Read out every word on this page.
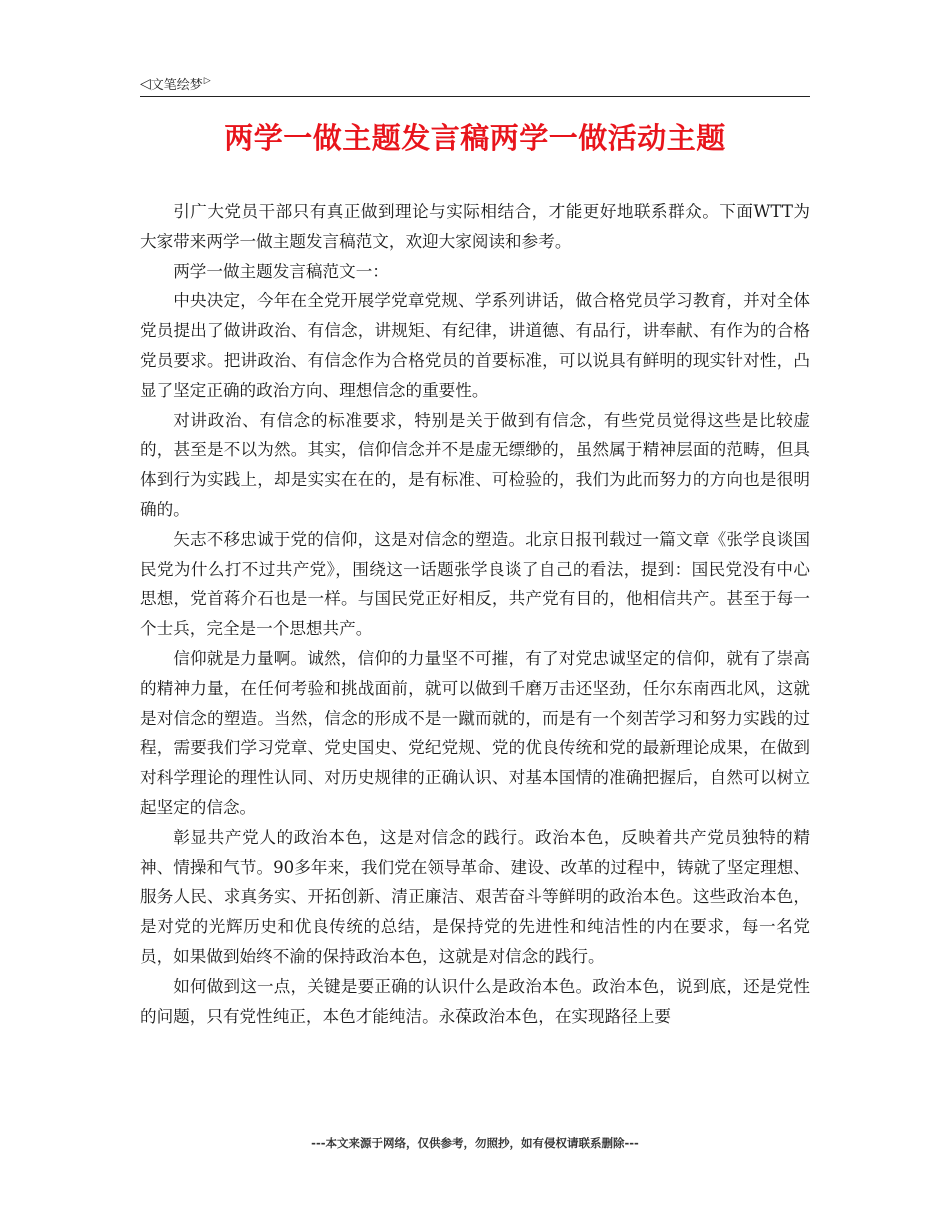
◁ 文笔绘梦 ▷
两学一做主题发言稿两学一做活动主题

引广大党员干部只有真正做到理论与实际相结合，才能更好地联系群众。下面WTT为大家带来两学一做主题发言稿范文，欢迎大家阅读和参考。

两学一做主题发言稿范文一：

中央决定，今年在全党开展学党章党规、学系列讲话，做合格党员学习教育，并对全体党员提出了做讲政治、有信念，讲规矩、有纪律，讲道德、有品行，讲奉献、有作为的合格党员要求。把讲政治、有信念作为合格党员的首要标准，可以说具有鲜明的现实针对性，凸显了坚定正确的政治方向、理想信念的重要性。

对讲政治、有信念的标准要求，特别是关于做到有信念，有些党员觉得这些是比较虚的，甚至是不以为然。其实，信仰信念并不是虚无缥缈的，虽然属于精神层面的范畴，但具体到行为实践上，却是实实在在的，是有标准、可检验的，我们为此而努力的方向也是很明确的。

矢志不移忠诚于党的信仰，这是对信念的塑造。北京日报刊载过一篇文章《张学良谈国民党为什么打不过共产党》，围绕这一话题张学良谈了自己的看法，提到：国民党没有中心思想，党首蒋介石也是一样。与国民党正好相反，共产党有目的，他相信共产。甚至于每一个士兵，完全是一个思想共产。

信仰就是力量啊。诚然，信仰的力量坚不可摧，有了对党忠诚坚定的信仰，就有了崇高的精神力量，在任何考验和挑战面前，就可以做到千磨万击还坚劲，任尔东南西北风，这就是对信念的塑造。当然，信念的形成不是一蹴而就的，而是有一个刻苦学习和努力实践的过程，需要我们学习党章、党史国史、党纪党规、党的优良传统和党的最新理论成果，在做到对科学理论的理性认同、对历史规律的正确认识、对基本国情的准确把握后，自然可以树立起坚定的信念。

彰显共产党人的政治本色，这是对信念的践行。政治本色，反映着共产党员独特的精神、情操和气节。90多年来，我们党在领导革命、建设、改革的过程中，铸就了坚定理想、服务人民、求真务实、开拓创新、清正廉洁、艰苦奋斗等鲜明的政治本色。这些政治本色，是对党的光辉历史和优良传统的总结，是保持党的先进性和纯洁性的内在要求，每一名党员，如果做到始终不渝的保持政治本色，这就是对信念的践行。

如何做到这一点，关键是要正确的认识什么是政治本色。政治本色，说到底，还是党性的问题，只有党性纯正，本色才能纯洁。永葆政治本色，在实现路径上要

---本文来源于网络，仅供参考，勿照抄，如有侵权请联系删除---
